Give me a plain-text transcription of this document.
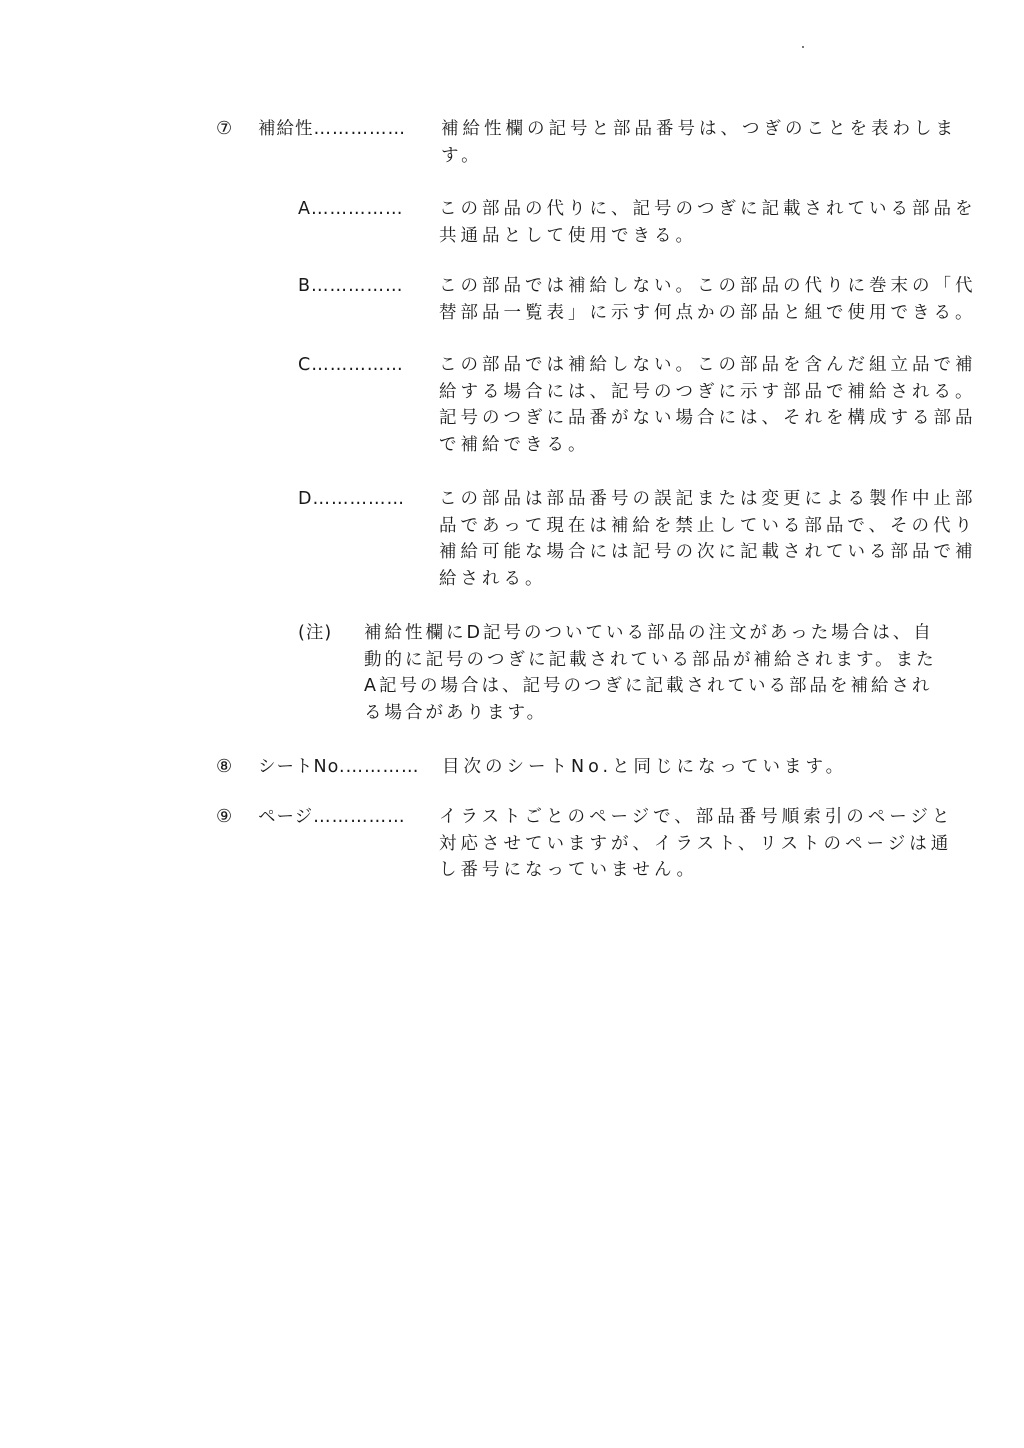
⑦ 補給性…………… 補給性欄の記号と部品番号は、つぎのことを表わしま
す。
A…………… この部品の代りに、記号のつぎに記載されている部品を
共通品として使用できる。
B…………… この部品では補給しない。この部品の代りに巻末の「代
替部品一覧表」に示す何点かの部品と組で使用できる。
C…………… この部品では補給しない。この部品を含んだ組立品で補
給する場合には、記号のつぎに示す部品で補給される。
記号のつぎに品番がない場合には、それを構成する部品
で補給できる。
D…………… この部品は部品番号の誤記または変更による製作中止部
品であって現在は補給を禁止している部品で、その代り
補給可能な場合には記号の次に記載されている部品で補
給される。
(注) 補給性欄にD記号のついている部品の注文があった場合は、自
動的に記号のつぎに記載されている部品が補給されます。また
A記号の場合は、記号のつぎに記載されている部品を補給され
る場合があります。
⑧ シートNo.………… 目次のシートNo.と同じになっています。
⑨ ページ…………… イラストごとのページで、部品番号順索引のページと
対応させていますが、イラスト、リストのページは通
し番号になっていません。
